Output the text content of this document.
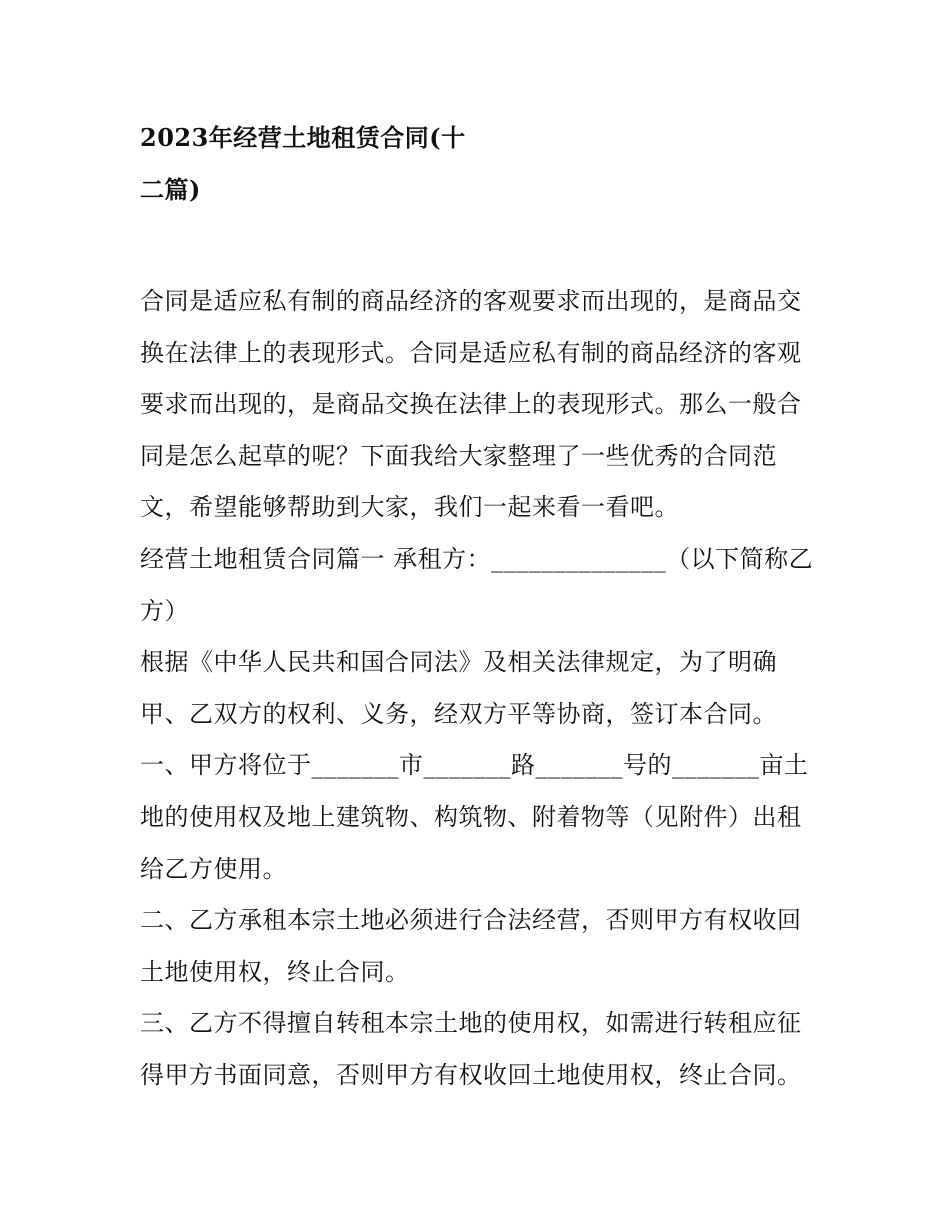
2023年经营土地租赁合同(十
二篇)
合同是适应私有制的商品经济的客观要求而出现的，是商品交
换在法律上的表现形式。合同是适应私有制的商品经济的客观
要求而出现的，是商品交换在法律上的表现形式。那么一般合
同是怎么起草的呢？下面我给大家整理了一些优秀的合同范
文，希望能够帮助到大家，我们一起来看一看吧。
经营土地租赁合同篇一 承租方：______________（以下简称乙
方）
根据《中华人民共和国合同法》及相关法律规定，为了明确
甲、乙双方的权利、义务，经双方平等协商，签订本合同。
一、甲方将位于_______市_______路_______号的_______亩土
地的使用权及地上建筑物、构筑物、附着物等（见附件）出租
给乙方使用。
二、乙方承租本宗土地必须进行合法经营，否则甲方有权收回
土地使用权，终止合同。
三、乙方不得擅自转租本宗土地的使用权，如需进行转租应征
得甲方书面同意，否则甲方有权收回土地使用权，终止合同。
